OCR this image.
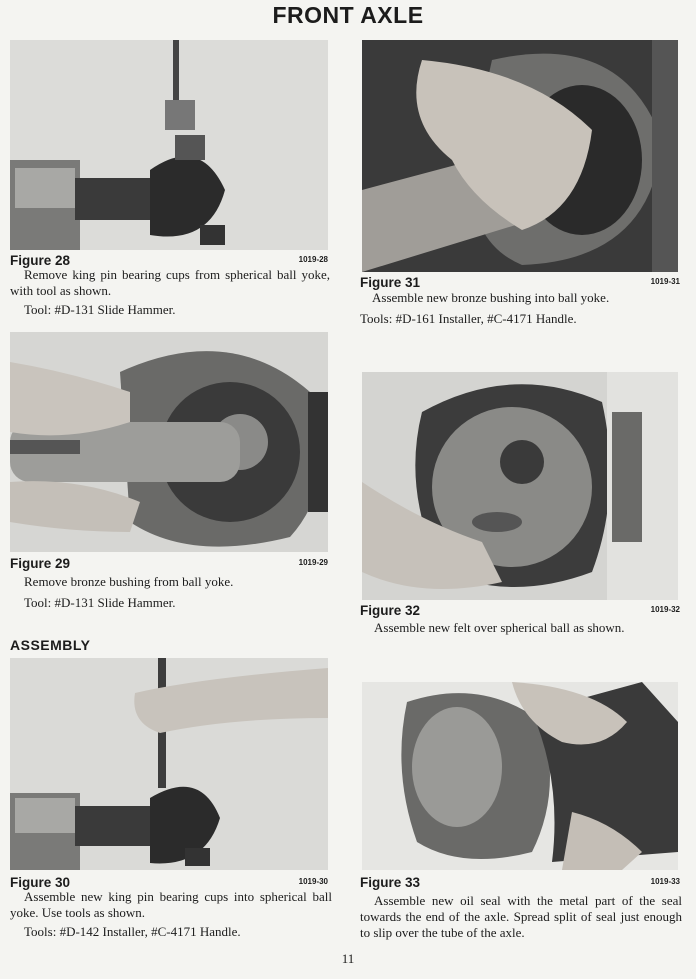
FRONT AXLE
Figure 28	1019-28
Remove king pin bearing cups from spherical ball yoke, with tool as shown.
Tool: #D-131 Slide Hammer.
Figure 29	1019-29
Remove bronze bushing from ball yoke.
Tool: #D-131 Slide Hammer.
ASSEMBLY
Figure 30	1019-30
Assemble new king pin bearing cups into spherical ball yoke. Use tools as shown.
Tools: #D-142 Installer, #C-4171 Handle.
Figure 31	1019-31
Assemble new bronze bushing into ball yoke.
Tools: #D-161 Installer, #C-4171 Handle.
Figure 32	1019-32
Assemble new felt over spherical ball as shown.
Figure 33	1019-33
Assemble new oil seal with the metal part of the seal towards the end of the axle. Spread split of seal just enough to slip over the tube of the axle.
11
